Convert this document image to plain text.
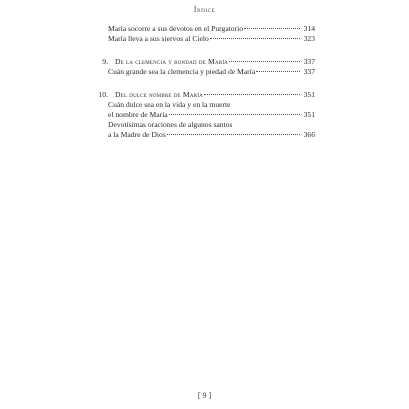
Índice
María socorre a sus devotos en el Purgatorio	314
María lleva a sus siervos al Cielo	323
9. De la clemencia y bondad de María	337
Cuán grande sea la clemencia y piedad de María	337
10. Del dulce nombre de María	351
Cuán dulce sea en la vida y en la muerte
el nombre de María	351
Devotísimas oraciones de algunos santos
a la Madre de Dios	366
[ 9 ]
